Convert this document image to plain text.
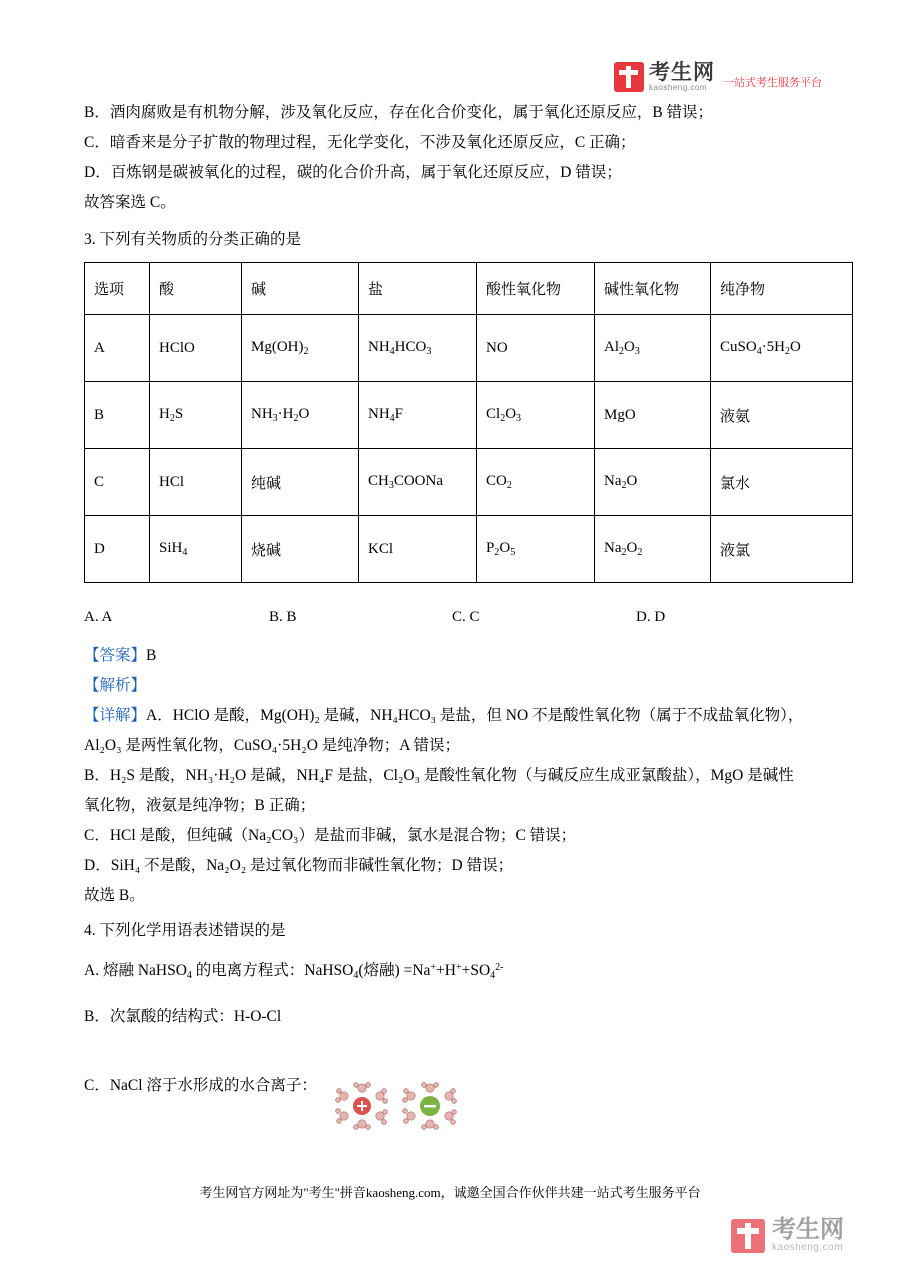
考生网
kaosheng.com	一站式考生服务平台

B．酒肉腐败是有机物分解，涉及氧化反应，存在化合价变化，属于氧化还原反应，B 错误；

C．暗香来是分子扩散的物理过程，无化学变化，不涉及氧化还原反应，C 正确；

D．百炼钢是碳被氧化的过程，碳的化合价升高，属于氧化还原反应，D 错误；

故答案选 C。

3. 下列有关物质的分类正确的是

选项	酸	碱	盐	酸性氧化物	碱性氧化物	纯净物
A	HClO	$Mg(OH)_2$	$NH_4HCO_3$	NO	$Al_2O_3$	$CuSO_4\cdot 5H_2O$
B	$H_2S$	$NH_3\cdot H_2O$	$NH_4F$	$Cl_2O_3$	MgO	液氨
C	HCl	纯碱	$CH_3COONa$	$CO_2$	$Na_2O$	氯水
D	SiH$_4$	烧碱	KCl	$P_2O_5$	$Na_2O_2$	液氯
A. A	B. B	C. C	D. D

【答案】B

【解析】

【详解】A．HClO 是酸，Mg(OH)₂ 是碱，NH₄HCO₃ 是盐，但 NO 不是酸性氧化物（属于不成盐氧化物），

Al₂O₃ 是两性氧化物，CuSO₄·5H₂O 是纯净物；A 错误；

B．H₂S 是酸，NH₃·H₂O 是碱，NH₄F 是盐，Cl₂O₃ 是酸性氧化物（与碱反应生成亚氯酸盐），MgO 是碱性

氧化物，液氨是纯净物；B 正确；

C．HCl 是酸，但纯碱（Na₂CO₃）是盐而非碱，氯水是混合物；C 错误；

D．SiH₄ 不是酸，Na₂O₂ 是过氧化物而非碱性氧化物；D 错误；

故选 B。

4. 下列化学用语表述错误的是

A. 熔融 NaHSO$_4$ 的电离方程式：NaHSO$_4$(熔融) $=Na^++H^++SO_4^{2-}$

B．次氯酸的结构式：H-O-Cl

C．NaCl 溶于水形成的水合离子：

考生网官方网址为"考生"拼音kaosheng.com，诚邀全国合作伙伴共建一站式考生服务平台
考生网
kaosheng.com
